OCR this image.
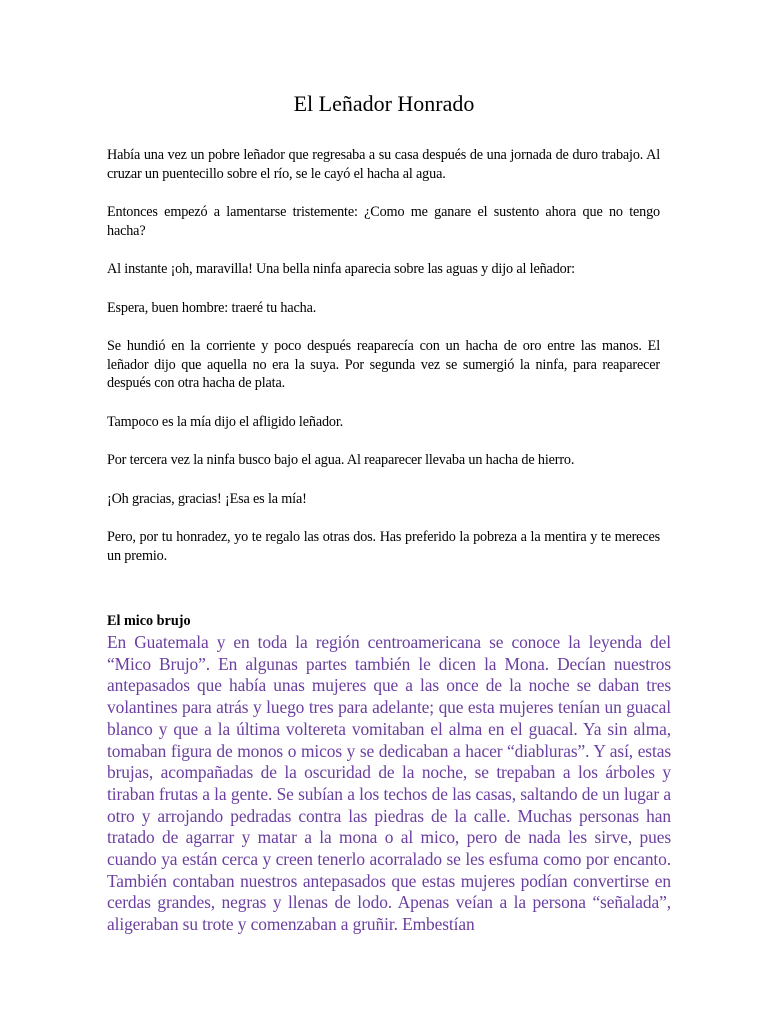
El Leñador Honrado

Había una vez un pobre leñador que regresaba a su casa después de una jornada de duro trabajo. Al cruzar un puentecillo sobre el río, se le cayó el hacha al agua.

Entonces empezó a lamentarse tristemente: ¿Como me ganare el sustento ahora que no tengo hacha?

Al instante ¡oh, maravilla! Una bella ninfa aparecia sobre las aguas y dijo al leñador:

Espera, buen hombre: traeré tu hacha.

Se hundió en la corriente y poco después reaparecía con un hacha de oro entre las manos. El leñador dijo que aquella no era la suya. Por segunda vez se sumergió la ninfa, para reaparecer después con otra hacha de plata.

Tampoco es la mía dijo el afligido leñador.

Por tercera vez la ninfa busco bajo el agua. Al reaparecer llevaba un hacha de hierro.

¡Oh gracias, gracias! ¡Esa es la mía!

Pero, por tu honradez, yo te regalo las otras dos. Has preferido la pobreza a la mentira y te mereces un premio.

El mico brujo

En Guatemala y en toda la región centroamericana se conoce la leyenda del “Mico Brujo”. En algunas partes también le dicen la Mona. Decían nuestros antepasados que había unas mujeres que a las once de la noche se daban tres volantines para atrás y luego tres para adelante; que esta mujeres tenían un guacal blanco y que a la última voltereta vomitaban el alma en el guacal. Ya sin alma, tomaban figura de monos o micos y se dedicaban a hacer “diabluras”. Y así, estas brujas, acompañadas de la oscuridad de la noche, se trepaban a los árboles y tiraban frutas a la gente. Se subían a los techos de las casas, saltando de un lugar a otro y arrojando pedradas contra las piedras de la calle. Muchas personas han tratado de agarrar y matar a la mona o al mico, pero de nada les sirve, pues cuando ya están cerca y creen tenerlo acorralado se les esfuma como por encanto. También contaban nuestros antepasados que estas mujeres podían convertirse en cerdas grandes, negras y llenas de lodo. Apenas veían a la persona “señalada”, aligeraban su trote y comenzaban a gruñir. Embestían
